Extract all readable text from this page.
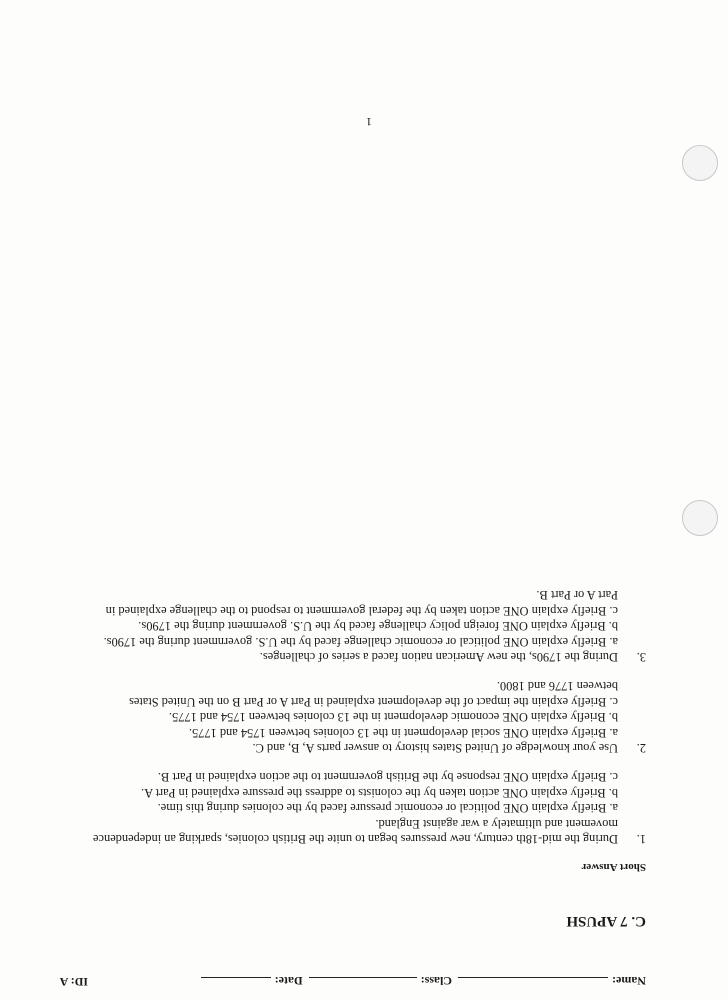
Name:
Class:
Date:
ID: A
C. 7 APUSH
Short Answer
1.
During the mid-18th century, new pressures began to unite the British colonies, sparking an independence movement and ultimately a war against England.
a. Briefly explain ONE political or economic pressure faced by the colonies during this time.
b. Briefly explain ONE action taken by the colonists to address the pressure explained in Part A.
c. Briefly explain ONE response by the British government to the action explained in Part B.
2.
Use your knowledge of United States history to answer parts A, B, and C.
a. Briefly explain ONE social development in the 13 colonies between 1754 and 1775.
b. Briefly explain ONE economic development in the 13 colonies between 1754 and 1775.
c. Briefly explain the impact of the development explained in Part A or Part B on the United States between 1776 and 1800.
3.
During the 1790s, the new American nation faced a series of challenges.
a. Briefly explain ONE political or economic challenge faced by the U.S. government during the 1790s.
b. Briefly explain ONE foreign policy challenge faced by the U.S. government during the 1790s.
c. Briefly explain ONE action taken by the federal government to respond to the challenge explained in Part A or Part B.
1
